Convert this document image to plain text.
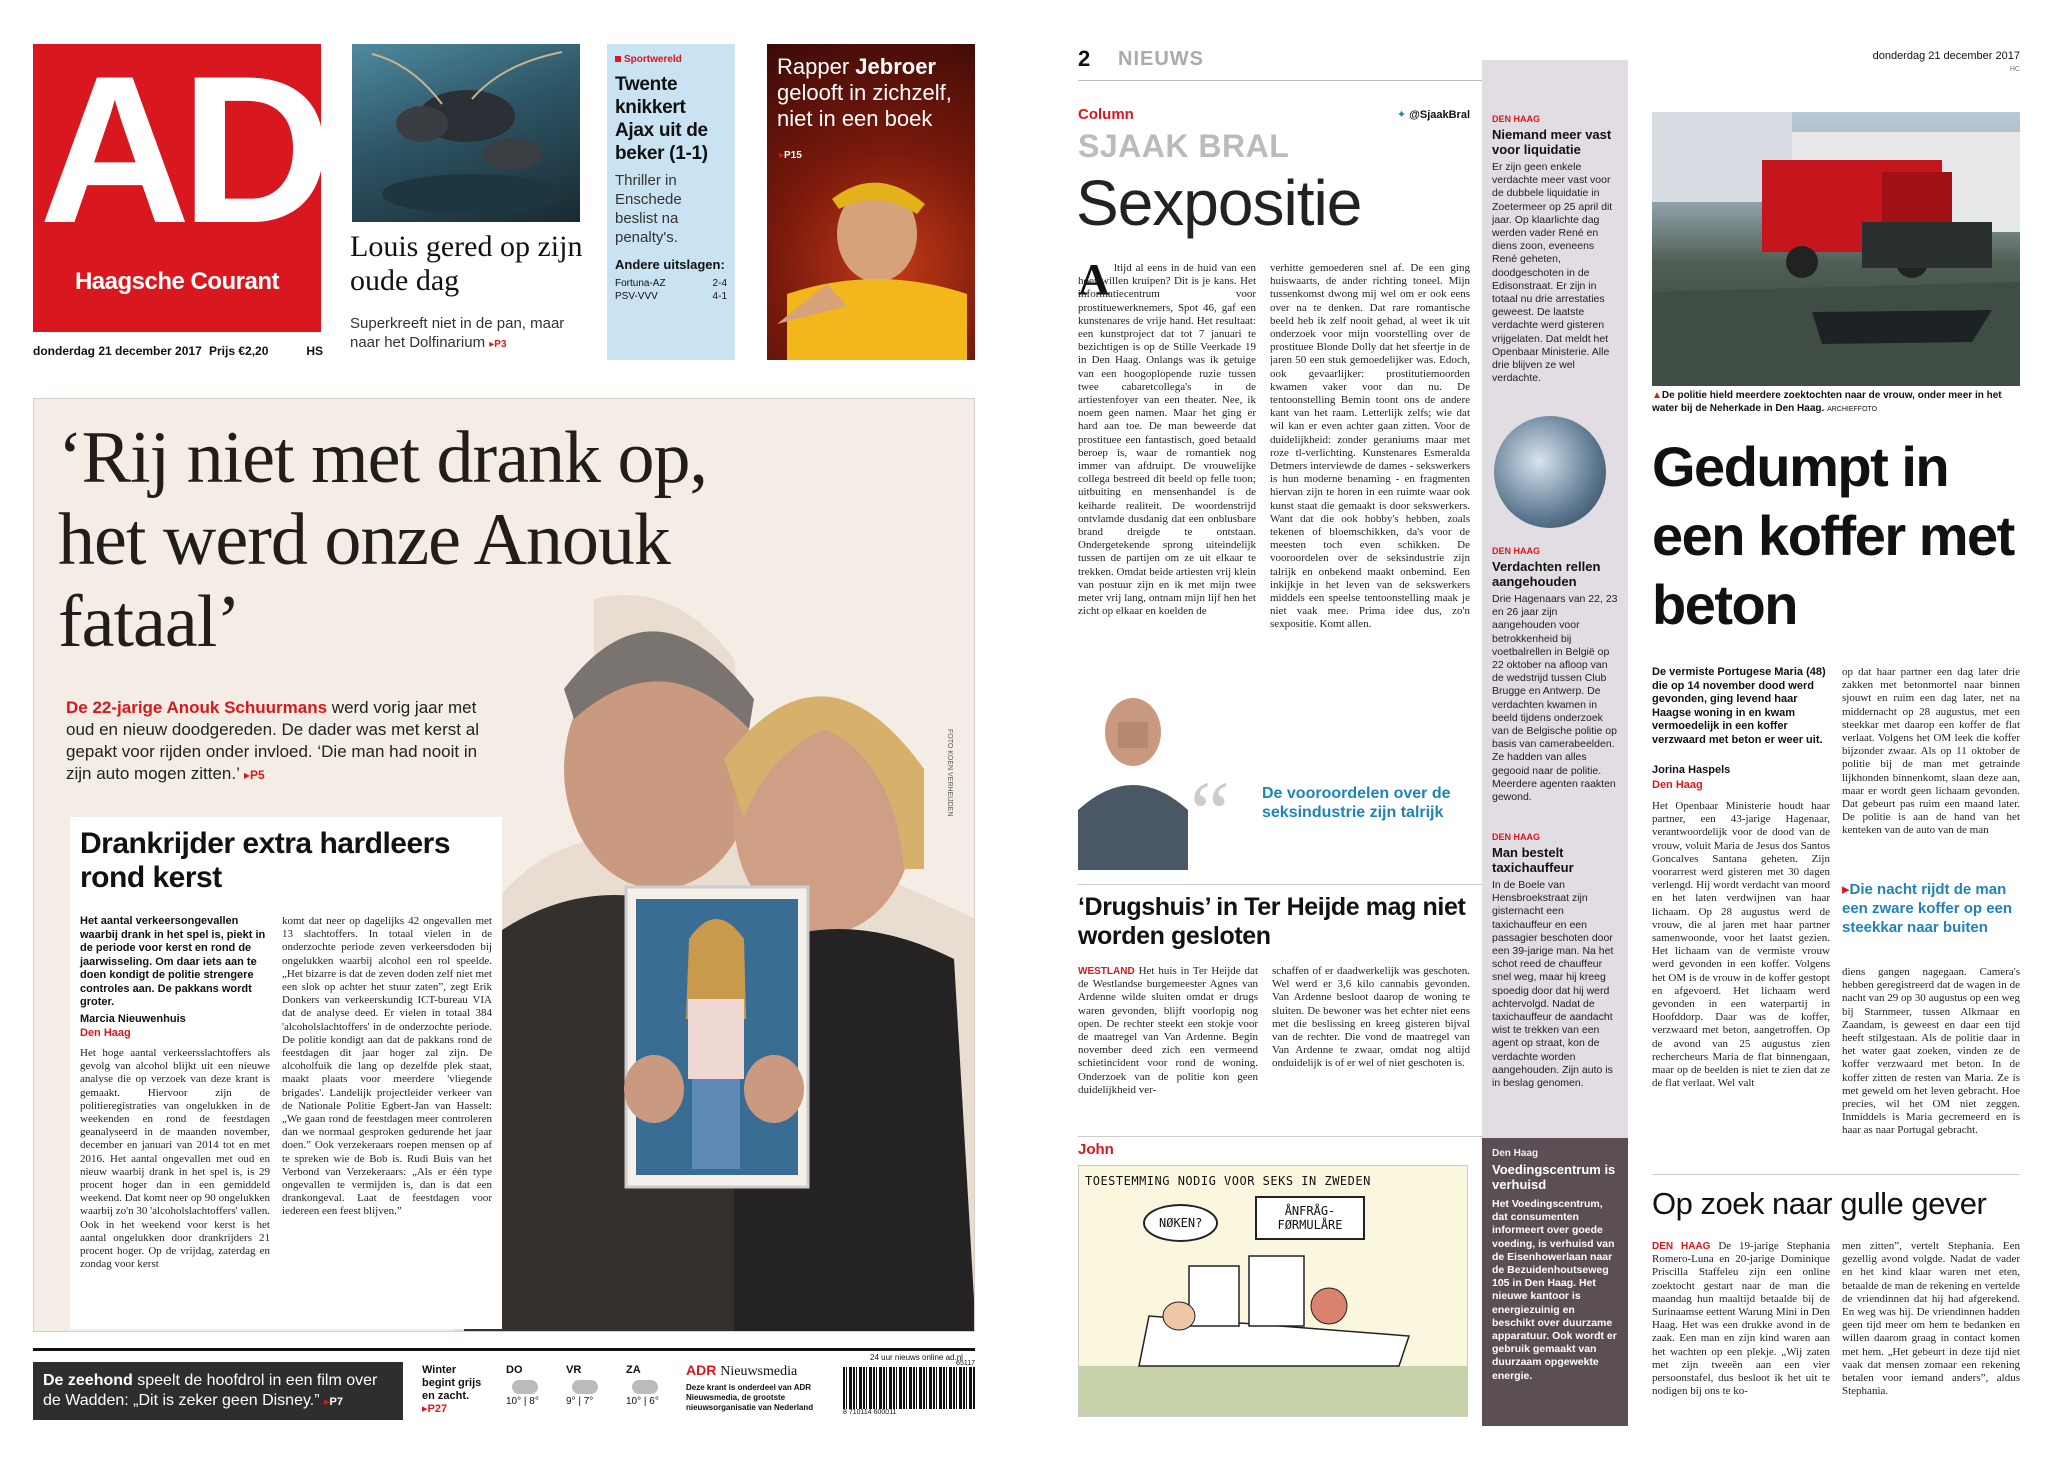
AD
Haagsche Courant
donderdag 21 december 2017 Prijs €2,20	HS
Louis gered op zijn oude dag
Superkreeft niet in de pan, maar naar het Dolfinarium ▸P3
Sportwereld
Twente knikkert Ajax uit de beker (1-1)
Thriller in Enschede beslist na penalty's.
Andere uitslagen:
Fortuna-AZ	2-4
PSV-VVV	4-1
Rapper Jebroer
gelooft in zichzelf, niet in een boek
▸P15
‘Rij niet met drank op, het werd onze Anouk fataal’
De 22-jarige Anouk Schuurmans werd vorig jaar met oud en nieuw doodgereden. De dader was met kerst al gepakt voor rijden onder invloed. ‘Die man had nooit in zijn auto mogen zitten.’ ▸P5	FOTO KOEN VERHEIJDEN
Drankrijder extra hardleers rond kerst
Het aantal verkeersongevallen waarbij drank in het spel is, piekt in de periode voor kerst en rond de jaarwisseling. Om daar iets aan te doen kondigt de politie strengere controles aan. De pakkans wordt groter.
Marcia Nieuwenhuis
Den Haag
Het hoge aantal verkeersslachtoffers als gevolg van alcohol blijkt uit een nieuwe analyse die op verzoek van deze krant is gemaakt. Hiervoor zijn de politieregistraties van ongelukken in de weekenden en rond de feestdagen geanalyseerd in de maanden november, december en januari van 2014 tot en met 2016. Het aantal ongevallen met oud en nieuw waarbij drank in het spel is, is 29 procent hoger dan in een gemiddeld weekend. Dat komt neer op 90 ongelukken waarbij zo'n 30 'alcoholslachtoffers' vallen. Ook in het weekend voor kerst is het aantal ongelukken door drankrijders 21 procent hoger. Op de vrijdag, zaterdag en zondag voor kerst
komt dat neer op dagelijks 42 ongevallen met 13 slachtoffers. In totaal vielen in de onderzochte periode zeven verkeersdoden bij ongelukken waarbij alcohol een rol speelde. „Het bizarre is dat de zeven doden zelf niet met een slok op achter het stuur zaten”, zegt Erik Donkers van verkeerskundig ICT-bureau VIA dat de analyse deed. Er vielen in totaal 384 'alcoholslachtoffers' in de onderzochte periode. De politie kondigt aan dat de pakkans rond de feestdagen dit jaar hoger zal zijn. De alcoholfuik die lang op dezelfde plek staat, maakt plaats voor meerdere 'vliegende brigades'. Landelijk projectleider verkeer van de Nationale Politie Egbert-Jan van Hasselt: „We gaan rond de feestdagen meer controleren dan we normaal gesproken gedurende het jaar doen.” Ook verzekeraars roepen mensen op af te spreken wie de Bob is. Rudi Buis van het Verbond van Verzekeraars: „Als er één type ongevallen te vermijden is, dan is dat een drankongeval. Laat de feestdagen voor iedereen een feest blijven.”
24 uur nieuws online ad.nl
De zeehond speelt de hoofdrol in een film over de Wadden: „Dit is zeker geen Disney.” ▸P7
Winter begint grijs en zacht.
▸P27
DO
10° | 8°
VR
9° | 7°
ZA
10° | 6°
ADR Nieuwsmedia
Deze krant is onderdeel van ADR Nieuwsmedia, de grootste nieuwsorganisatie van Nederland
65117
8 710114 600011
2 NIEUWS	donderdag 21 december 2017
HC
Column	✦ @SjaakBral
SJAAK BRAL
Sexpositie
A ltijd al eens in de huid van een hoer willen kruipen? Dit is je kans. Het informatiecentrum voor prostituewerknemers, Spot 46, gaf een kunstenares de vrije hand. Het resultaat: een kunstproject dat tot 7 januari te bezichtigen is op de Stille Veerkade 19 in Den Haag. Onlangs was ik getuige van een hoogoplopende ruzie tussen twee cabaretcollega's in de artiestenfoyer van een theater. Nee, ik noem geen namen. Maar het ging er hard aan toe. De man beweerde dat prostituee een fantastisch, goed betaald beroep is, waar de romantiek nog immer van afdruipt. De vrouwelijke collega bestreed dit beeld op felle toon; uitbuiting en mensenhandel is de keiharde realiteit. De woordenstrijd ontvlamde dusdanig dat een onblusbare brand dreigde te ontstaan. Ondergetekende sprong uiteindelijk tussen de partijen om ze uit elkaar te trekken. Omdat beide artiesten vrij klein van postuur zijn en ik met mijn twee meter vrij lang, ontnam mijn lijf hen het zicht op elkaar en koelden de
verhitte gemoederen snel af. De een ging huiswaarts, de ander richting toneel. Mijn tussenkomst dwong mij wel om er ook eens over na te denken. Dat rare romantische beeld heb ik zelf nooit gehad, al weet ik uit onderzoek voor mijn voorstelling over de prostituee Blonde Dolly dat het sfeertje in de jaren 50 een stuk gemoedelijker was. Edoch, ook gevaarlijker: prostitutiemoorden kwamen vaker voor dan nu. De tentoonstelling Bemin toont ons de andere kant van het raam. Letterlijk zelfs; wie dat wil kan er even achter gaan zitten. Voor de duidelijkheid: zonder geraniums maar met roze tl-verlichting. Kunstenares Esmeralda Detmers interviewde de dames - sekswerkers is hun moderne benaming - en fragmenten hiervan zijn te horen in een ruimte waar ook kunst staat die gemaakt is door sekswerkers. Want dat die ook hobby's hebben, zoals tekenen of bloemschikken, da's voor de meesten toch even schikken. De vooroordelen over de seksindustrie zijn talrijk en onbekend maakt onbemind. Een inkijkje in het leven van de sekswerkers middels een speelse tentoonstelling maak je niet vaak mee. Prima idee dus, zo'n sexpositie. Komt allen.
“ De vooroordelen over de seksindustrie zijn talrijk
‘Drugshuis’ in Ter Heijde mag niet worden gesloten
WESTLAND Het huis in Ter Heijde dat de Westlandse burgemeester Agnes van Ardenne wilde sluiten omdat er drugs waren gevonden, blijft voorlopig nog open. De rechter steekt een stokje voor de maatregel van Van Ardenne. Begin november deed zich een vermeend schietincident voor rond de woning. Onderzoek van de politie kon geen duidelijkheid ver-
schaffen of er daadwerkelijk was geschoten. Wel werd er 3,6 kilo cannabis gevonden. Van Ardenne besloot daarop de woning te sluiten. De bewoner was het echter niet eens met die beslissing en kreeg gisteren bijval van de rechter. Die vond de maatregel van Van Ardenne te zwaar, omdat nog altijd onduidelijk is of er wel of niet geschoten is.
John
TOESTEMMING NODIG VOOR SEKS IN ZWEDEN
NØKEN?
ÅNFRÅG-FØRMULÅRE
DEN HAAG
Niemand meer vast voor liquidatie
Er zijn geen enkele verdachte meer vast voor de dubbele liquidatie in Zoetermeer op 25 april dit jaar. Op klaarlichte dag werden vader René en diens zoon, eveneens René geheten, doodgeschoten in de Edisonstraat. Er zijn in totaal nu drie arrestaties geweest. De laatste verdachte werd gisteren vrijgelaten. Dat meldt het Openbaar Ministerie. Alle drie blijven ze wel verdachte.
DEN HAAG
Verdachten rellen aangehouden
Drie Hagenaars van 22, 23 en 26 jaar zijn aangehouden voor betrokkenheid bij voetbalrellen in België op 22 oktober na afloop van de wedstrijd tussen Club Brugge en Antwerp. De verdachten kwamen in beeld tijdens onderzoek van de Belgische politie op basis van camerabeelden. Ze hadden van alles gegooid naar de politie. Meerdere agenten raakten gewond.
DEN HAAG
Man bestelt taxichauffeur
In de Boele van Hensbroekstraat zijn gisternacht een taxichauffeur en een passagier beschoten door een 39-jarige man. Na het schot reed de chauffeur snel weg, maar hij kreeg spoedig door dat hij werd achtervolgd. Nadat de taxichauffeur de aandacht wist te trekken van een agent op straat, kon de verdachte worden aangehouden. Zijn auto is in beslag genomen.
Den Haag
Voedingscentrum is verhuisd
Het Voedingscentrum, dat consumenten informeert over goede voeding, is verhuisd van de Eisenhowerlaan naar de Bezuidenhoutseweg 105 in Den Haag. Het nieuwe kantoor is energiezuinig en beschikt over duurzame apparatuur. Ook wordt er gebruik gemaakt van duurzaam opgewekte energie.
▲De politie hield meerdere zoektochten naar de vrouw, onder meer in het water bij de Neherkade in Den Haag. ARCHIEFFOTO
Gedumpt in een koffer met beton
De vermiste Portugese Maria (48) die op 14 november dood werd gevonden, ging levend haar Haagse woning in en kwam vermoedelijk in een koffer verzwaard met beton er weer uit.
Jorina Haspels
Den Haag
Het Openbaar Ministerie houdt haar partner, een 43-jarige Hagenaar, verantwoordelijk voor de dood van de vrouw, voluit Maria de Jesus dos Santos Goncalves Santana geheten. Zijn voorarrest werd gisteren met 30 dagen verlengd. Hij wordt verdacht van moord en het laten verdwijnen van haar lichaam. Op 28 augustus werd de vrouw, die al jaren met haar partner samenwoonde, voor het laatst gezien. Het lichaam van de vermiste vrouw werd gevonden in een koffer. Volgens het OM is de vrouw in de koffer gestopt en afgevoerd. Het lichaam werd gevonden in een waterpartij in Hoofddorp. Daar was de koffer, verzwaard met beton, aangetroffen. Op de avond van 25 augustus zien rechercheurs Maria de flat binnengaan, maar op de beelden is niet te zien dat ze de flat verlaat. Wel valt
op dat haar partner een dag later drie zakken met betonmortel naar binnen sjouwt en ruim een dag later, net na middernacht op 28 augustus, met een steekkar met daarop een koffer de flat verlaat. Volgens het OM leek die koffer bijzonder zwaar. Als op 11 oktober de politie bij de man met getrainde lijkhonden binnenkomt, slaan deze aan, maar er wordt geen lichaam gevonden. Dat gebeurt pas ruim een maand later. De politie is aan de hand van het kenteken van de auto van de man
▸Die nacht rijdt de man een zware koffer op een steekkar naar buiten
diens gangen nagegaan. Camera's hebben geregistreerd dat de wagen in de nacht van 29 op 30 augustus op een weg bij Starnmeer, tussen Alkmaar en Zaandam, is geweest en daar een tijd heeft stilgestaan. Als de politie daar in het water gaat zoeken, vinden ze de koffer verzwaard met beton. In de koffer zitten de resten van Maria. Ze is met geweld om het leven gebracht. Hoe precies, wil het OM niet zeggen. Inmiddels is Maria gecremeerd en is haar as naar Portugal gebracht.
Op zoek naar gulle gever
DEN HAAG De 19-jarige Stephania Romero-Luna en 20-jarige Dominique Priscilla Staffeleu zijn een online zoektocht gestart naar de man die maandag hun maaltijd betaalde bij de Surinaamse eettent Warung Mini in Den Haag. Het was een drukke avond in de zaak. Een man en zijn kind waren aan het wachten op een plekje. „Wij zaten met zijn tweeën aan een vier persoonstafel, dus besloot ik het uit te nodigen bij ons te ko-
men zitten”, vertelt Stephania. Een gezellig avond volgde. Nadat de vader en het kind klaar waren met eten, betaalde de man de rekening en vertelde de vriendinnen dat hij had afgerekend. En weg was hij. De vriendinnen hadden geen tijd meer om hem te bedanken en willen daarom graag in contact komen met hem. „Het gebeurt in deze tijd niet vaak dat mensen zomaar een rekening betalen voor iemand anders”, aldus Stephania.
